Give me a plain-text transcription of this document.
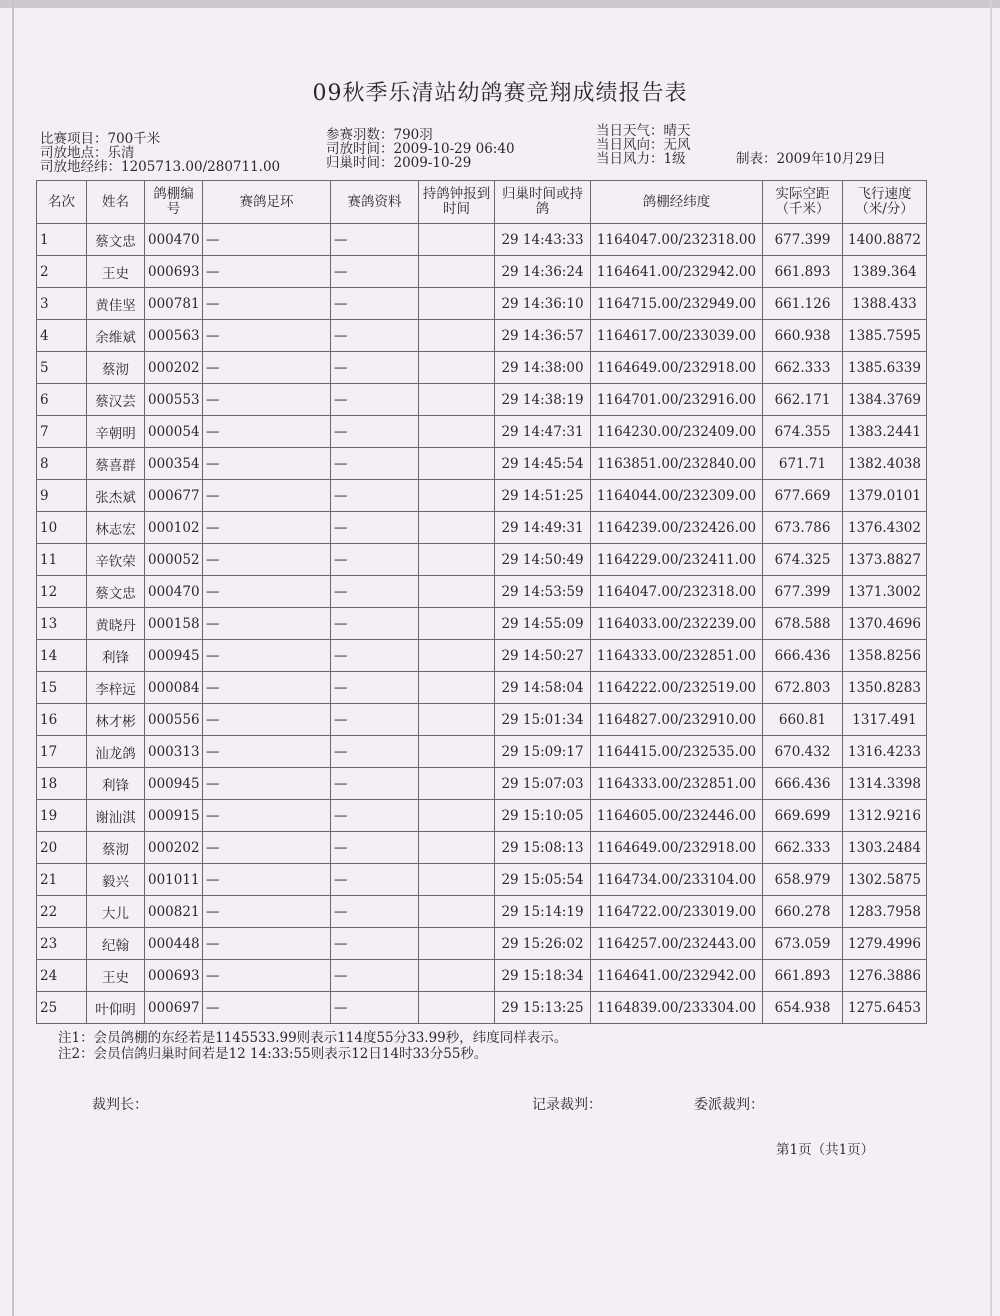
09秋季乐清站幼鸽赛竞翔成绩报告表
比赛项目：700千米
司放地点：乐清
司放地经纬：1205713.00/280711.00
参赛羽数：790羽
司放时间：2009-10-29 06:40
归巢时间：2009-10-29
当日天气：晴天
当日风向：无风
当日风力：1级	制表：2009年10月29日
名次	姓名	鸽棚编号	赛鸽足环	赛鸽资料	持鸽钟报到时间	归巢时间或持鸽	鸽棚经纬度	实际空距（千米）	飞行速度（米/分）
1	蔡文忠	000470	—	—		29 14:43:33	1164047.00/232318.00	677.399	1400.8872
2	王史	000693	—	—		29 14:36:24	1164641.00/232942.00	661.893	1389.364
3	黄佳坚	000781	—	—		29 14:36:10	1164715.00/232949.00	661.126	1388.433
4	余维斌	000563	—	—		29 14:36:57	1164617.00/233039.00	660.938	1385.7595
5	蔡沏	000202	—	—		29 14:38:00	1164649.00/232918.00	662.333	1385.6339
6	蔡汉芸	000553	—	—		29 14:38:19	1164701.00/232916.00	662.171	1384.3769
7	辛朝明	000054	—	—		29 14:47:31	1164230.00/232409.00	674.355	1383.2441
8	蔡喜群	000354	—	—		29 14:45:54	1163851.00/232840.00	671.71	1382.4038
9	张杰斌	000677	—	—		29 14:51:25	1164044.00/232309.00	677.669	1379.0101
10	林志宏	000102	—	—		29 14:49:31	1164239.00/232426.00	673.786	1376.4302
11	辛钦荣	000052	—	—		29 14:50:49	1164229.00/232411.00	674.325	1373.8827
12	蔡文忠	000470	—	—		29 14:53:59	1164047.00/232318.00	677.399	1371.3002
13	黄晓丹	000158	—	—		29 14:55:09	1164033.00/232239.00	678.588	1370.4696
14	利锋	000945	—	—		29 14:50:27	1164333.00/232851.00	666.436	1358.8256
15	李梓远	000084	—	—		29 14:58:04	1164222.00/232519.00	672.803	1350.8283
16	林才彬	000556	—	—		29 15:01:34	1164827.00/232910.00	660.81	1317.491
17	汕龙鸽	000313	—	—		29 15:09:17	1164415.00/232535.00	670.432	1316.4233
18	利锋	000945	—	—		29 15:07:03	1164333.00/232851.00	666.436	1314.3398
19	谢汕淇	000915	—	—		29 15:10:05	1164605.00/232446.00	669.699	1312.9216
20	蔡沏	000202	—	—		29 15:08:13	1164649.00/232918.00	662.333	1303.2484
21	毅兴	001011	—	—		29 15:05:54	1164734.00/233104.00	658.979	1302.5875
22	大儿	000821	—	—		29 15:14:19	1164722.00/233019.00	660.278	1283.7958
23	纪翰	000448	—	—		29 15:26:02	1164257.00/232443.00	673.059	1279.4996
24	王史	000693	—	—		29 15:18:34	1164641.00/232942.00	661.893	1276.3886
25	叶仰明	000697	—	—		29 15:13:25	1164839.00/233304.00	654.938	1275.6453
注1：会员鸽棚的东经若是1145533.99则表示114度55分33.99秒，纬度同样表示。
注2：会员信鸽归巢时间若是12 14:33:55则表示12日14时33分55秒。
裁判长：	记录裁判：	委派裁判：
第1页（共1页）
